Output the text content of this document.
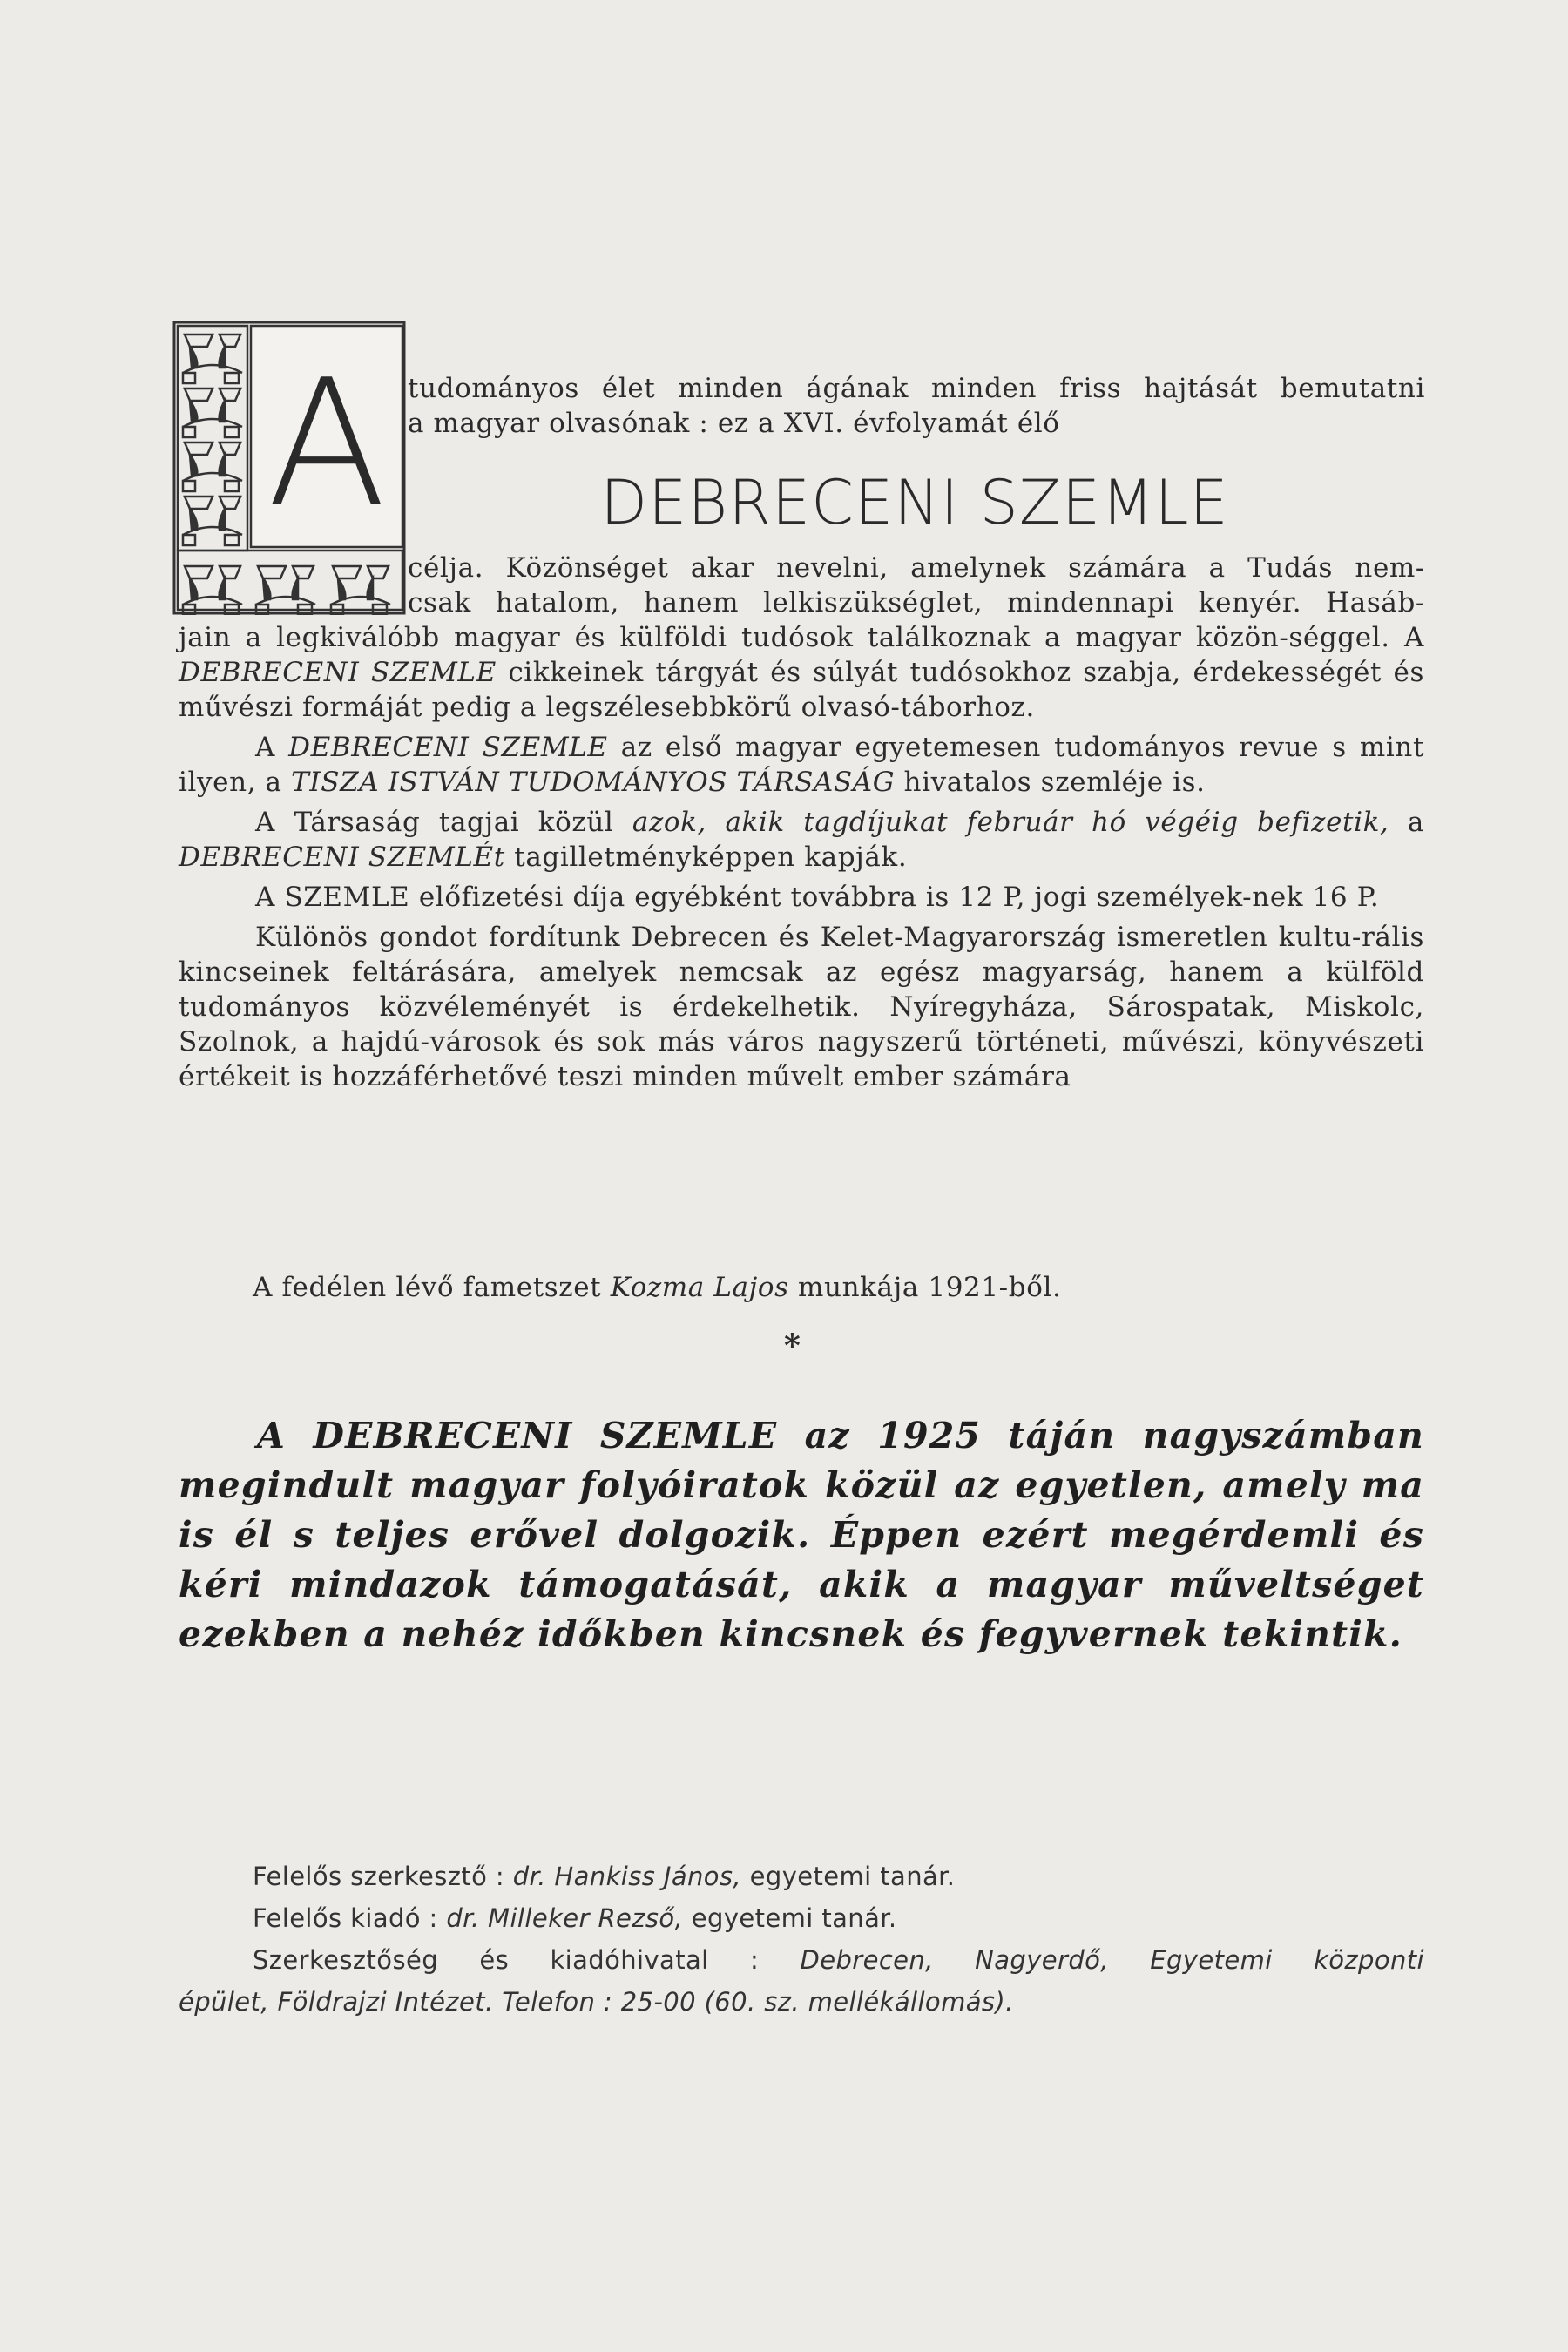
A tudományos élet minden ágának minden friss hajtását bemutatni
a magyar olvasónak : ez a XVI. évfolyamát élő
DEBRECENI SZEMLE
célja. Közönséget akar nevelni, amelynek számára a Tudás nem-
csak hatalom, hanem lelkiszükséglet, mindennapi kenyér. Hasáb-

jain a legkiválóbb magyar és külföldi tudósok találkoznak a magyar közön-séggel. A DEBRECENI SZEMLE cikkeinek tárgyát és súlyát tudósokhoz szabja, érdekességét és művészi formáját pedig a legszélesebbkörű olvasó-táborhoz.

A DEBRECENI SZEMLE az első magyar egyetemesen tudományos revue s mint ilyen, a TISZA ISTVÁN TUDOMÁNYOS TÁRSASÁG hivatalos szemléje is.

A Társaság tagjai közül azok, akik tagdíjukat február hó végéig befizetik, a DEBRECENI SZEMLÉt tagilletményképpen kapják.

A SZEMLE előfizetési díja egyébként továbbra is 12 P, jogi személyek-nek 16 P.

Különös gondot fordítunk Debrecen és Kelet-Magyarország ismeretlen kultu-rális kincseinek feltárására, amelyek nemcsak az egész magyarság, hanem a külföld tudományos közvéleményét is érdekelhetik. Nyíregyháza, Sárospatak, Miskolc, Szolnok, a hajdú-városok és sok más város nagyszerű történeti, művészi, könyvészeti értékeit is hozzáférhetővé teszi minden művelt ember számára

A fedélen lévő fametszet Kozma Lajos munkája 1921-ből.
*
A DEBRECENI SZEMLE az 1925 táján nagyszámban megindult magyar folyóiratok közül az egyetlen, amely ma is él s teljes erővel dolgozik. Éppen ezért megérdemli és kéri mindazok támogatását, akik a magyar műveltséget ezekben a nehéz időkben kincsnek és fegyvernek tekintik.
Felelős szerkesztő : dr. Hankiss János, egyetemi tanár.
Felelős kiadó : dr. Milleker Rezső, egyetemi tanár.
Szerkesztőség és kiadóhivatal : Debrecen, Nagyerdő, Egyetemi központi
épület, Földrajzi Intézet. Telefon : 25-00 (60. sz. mellékállomás).
